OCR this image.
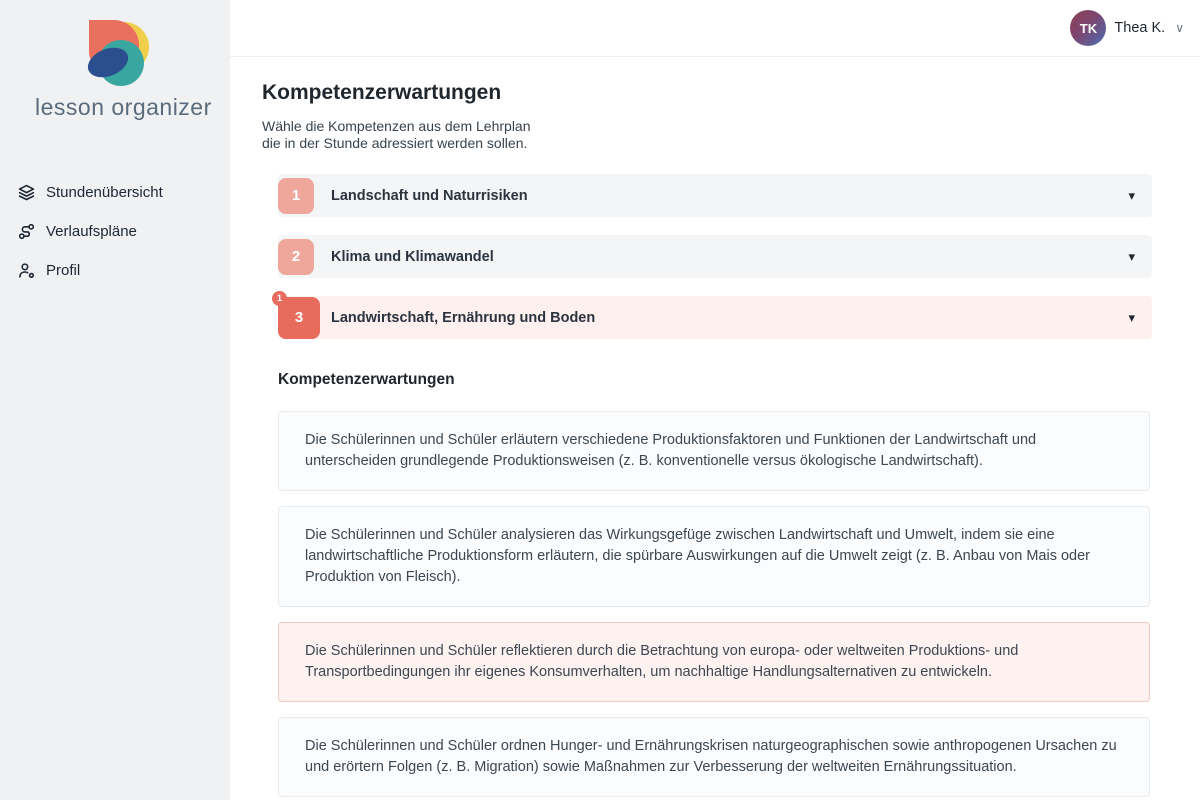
lesson organizer
Stundenübersicht
Verlaufspläne
Profil
TK	Thea K. ∨
Kompetenzerwartungen

Wähle die Kompetenzen aus dem Lehrplan die in der Stunde adressiert werden sollen.

1	Landschaft und Naturrisiken	▾
2	Klima und Klimawandel	▾
3
1
Landwirtschaft, Ernährung und Boden	▾
Kompetenzerwartungen

Die Schülerinnen und Schüler erläutern verschiedene Produktionsfaktoren und Funktionen der Landwirtschaft und unterscheiden grundlegende Produktionsweisen (z. B. konventionelle versus ökologische Landwirtschaft).

Die Schülerinnen und Schüler analysieren das Wirkungsgefüge zwischen Landwirtschaft und Umwelt, indem sie eine landwirtschaftliche Produktionsform erläutern, die spürbare Auswirkungen auf die Umwelt zeigt (z. B. Anbau von Mais oder Produktion von Fleisch).

Die Schülerinnen und Schüler reflektieren durch die Betrachtung von europa- oder weltweiten Produktions- und Transportbedingungen ihr eigenes Konsumverhalten, um nachhaltige Handlungsalternativen zu entwickeln.

Die Schülerinnen und Schüler ordnen Hunger- und Ernährungskrisen naturgeographischen sowie anthropogenen Ursachen zu und erörtern Folgen (z. B. Migration) sowie Maßnahmen zur Verbesserung der weltweiten Ernährungssituation.
